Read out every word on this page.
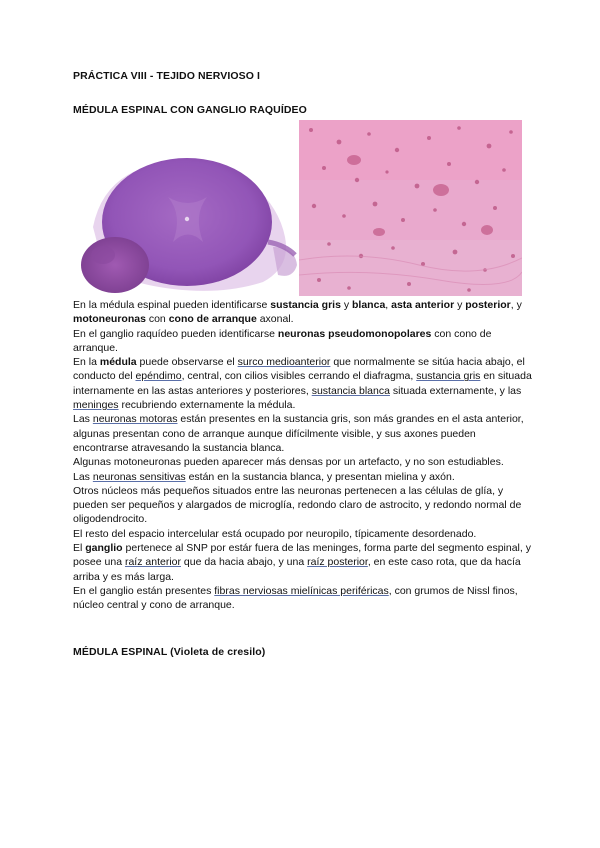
PRÁCTICA VIII - TEJIDO NERVIOSO I
MÉDULA ESPINAL CON GANGLIO RAQUÍDEO

En la médula espinal pueden identificarse sustancia gris y blanca, asta anterior y posterior, y motoneuronas con cono de arranque axonal.

En el ganglio raquídeo pueden identificarse neuronas pseudomonopolares con cono de arranque.

En la médula puede observarse el surco medioanterior que normalmente se sitúa hacia abajo, el conducto del epéndimo, central, con cilios visibles cerrando el diafragma, sustancia gris en situada internamente en las astas anteriores y posteriores, sustancia blanca situada externamente, y las meninges recubriendo externamente la médula.

Las neuronas motoras están presentes en la sustancia gris, son más grandes en el asta anterior, algunas presentan cono de arranque aunque difícilmente visible, y sus axones pueden encontrarse atravesando la sustancia blanca.

Algunas motoneuronas pueden aparecer más densas por un artefacto, y no son estudiables.

Las neuronas sensitivas están en la sustancia blanca, y presentan mielina y axón.

Otros núcleos más pequeños situados entre las neuronas pertenecen a las células de glía, y pueden ser pequeños y alargados de microglía, redondo claro de astrocito, y redondo normal de oligodendrocito.

El resto del espacio intercelular está ocupado por neuropilo, típicamente desordenado.

El ganglio pertenece al SNP por estár fuera de las meninges, forma parte del segmento espinal, y posee una raíz anterior que da hacia abajo, y una raíz posterior, en este caso rota, que da hacía arriba y es más larga.

En el ganglio están presentes fibras nerviosas mielínicas periféricas, con grumos de Nissl finos, núcleo central y cono de arranque.

MÉDULA ESPINAL (Violeta de cresilo)
